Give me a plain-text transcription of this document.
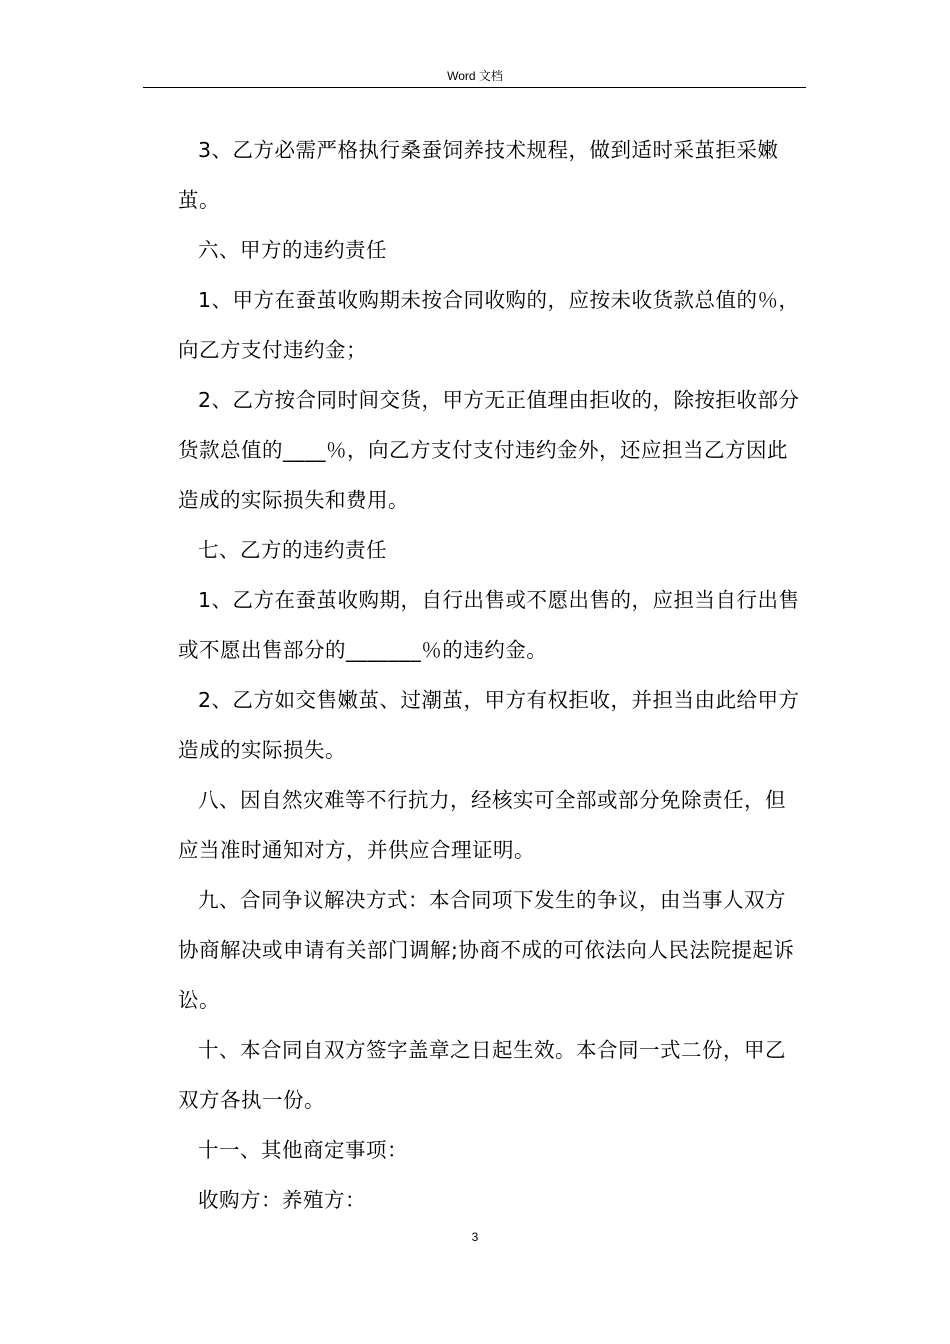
Word 文档

3、乙方必需严格执行桑蚕饲养技术规程，做到适时采茧拒采嫩茧。

六、甲方的违约责任

1、甲方在蚕茧收购期未按合同收购的，应按未收货款总值的％，向乙方支付违约金；

2、乙方按合同时间交货，甲方无正值理由拒收的，除按拒收部分货款总值的____％，向乙方支付支付违约金外，还应担当乙方因此造成的实际损失和费用。

七、乙方的违约责任

1、乙方在蚕茧收购期，自行出售或不愿出售的，应担当自行出售或不愿出售部分的_______％的违约金。

2、乙方如交售嫩茧、过潮茧，甲方有权拒收，并担当由此给甲方造成的实际损失。

八、因自然灾难等不行抗力，经核实可全部或部分免除责任，但应当准时通知对方，并供应合理证明。

九、合同争议解决方式：本合同项下发生的争议，由当事人双方协商解决或申请有关部门调解;协商不成的可依法向人民法院提起诉讼。

十、本合同自双方签字盖章之日起生效。本合同一式二份，甲乙双方各执一份。

十一、其他商定事项：

收购方：养殖方：

3
